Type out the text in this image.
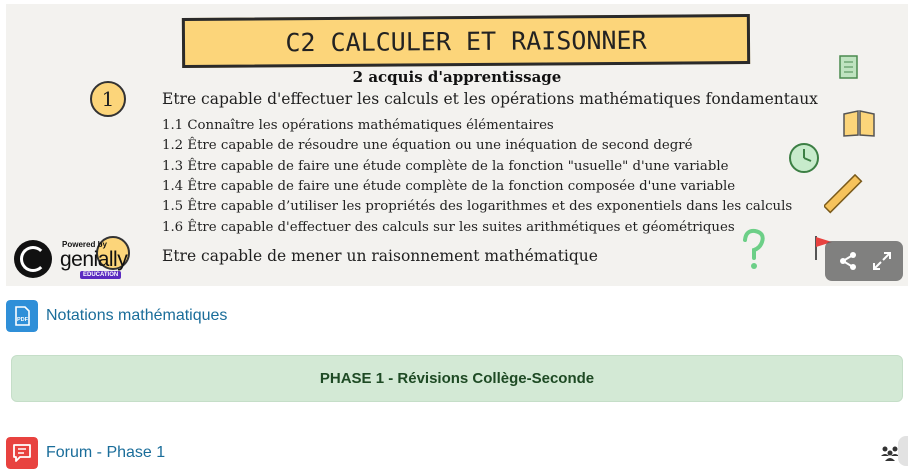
C2 CALCULER ET RAISONNER
2 acquis d'apprentissage
1	Etre capable d'effectuer les calculs et les opérations mathématiques fondamentaux
1.1 Connaître les opérations mathématiques élémentaires
1.2 Être capable de résoudre une équation ou une inéquation de second degré
1.3 Être capable de faire une étude complète de la fonction "usuelle" d'une variable
1.4 Être capable de faire une étude complète de la fonction composée d'une variable
1.5 Être capable d’utiliser les propriétés des logarithmes et des exponentiels dans les calculs
1.6 Être capable d'effectuer des calculs sur les suites arithmétiques et géométriques
Etre capable de mener un raisonnement mathématique
Powered by
genially
EDUCATION
PDF Notations mathématiques
PHASE 1 - Révisions Collège-Seconde
Forum - Phase 1
